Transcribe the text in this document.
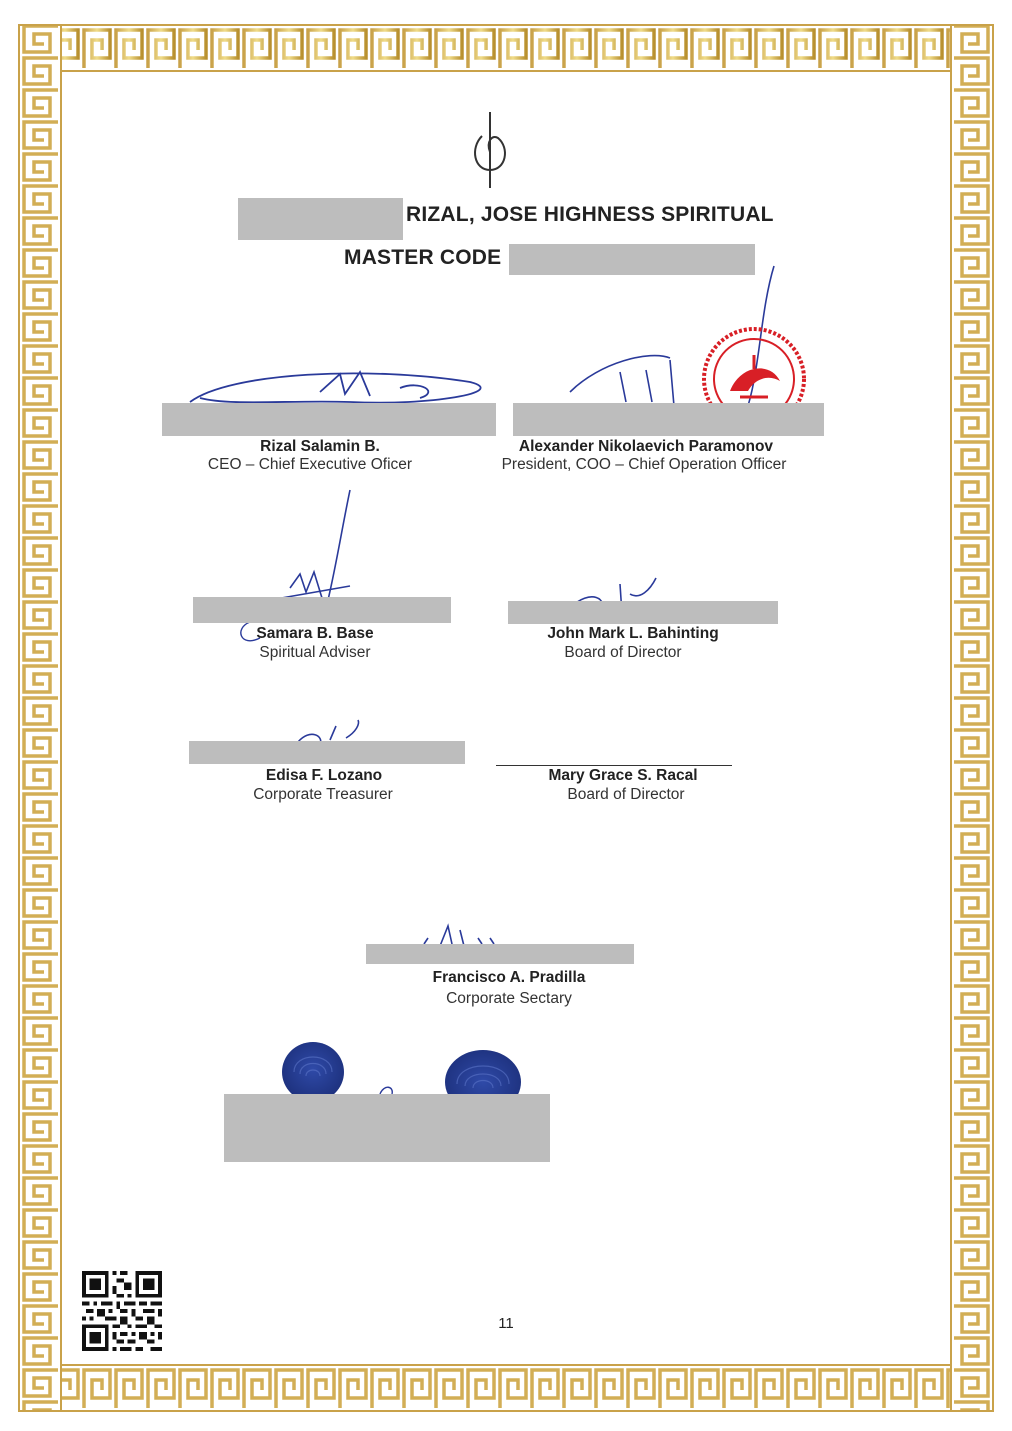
RIZAL, JOSE HIGHNESS SPIRITUAL
MASTER CODE
Rizal Salamin B.
CEO – Chief Executive Oficer
Alexander Nikolaevich Paramonov
President, COO – Chief Operation Officer
Samara B. Base
Spiritual Adviser
John Mark L. Bahinting
Board of Director
Edisa F. Lozano
Corporate Treasurer
Mary Grace S. Racal
Board of Director
Francisco A. Pradilla
Corporate Sectary
11
